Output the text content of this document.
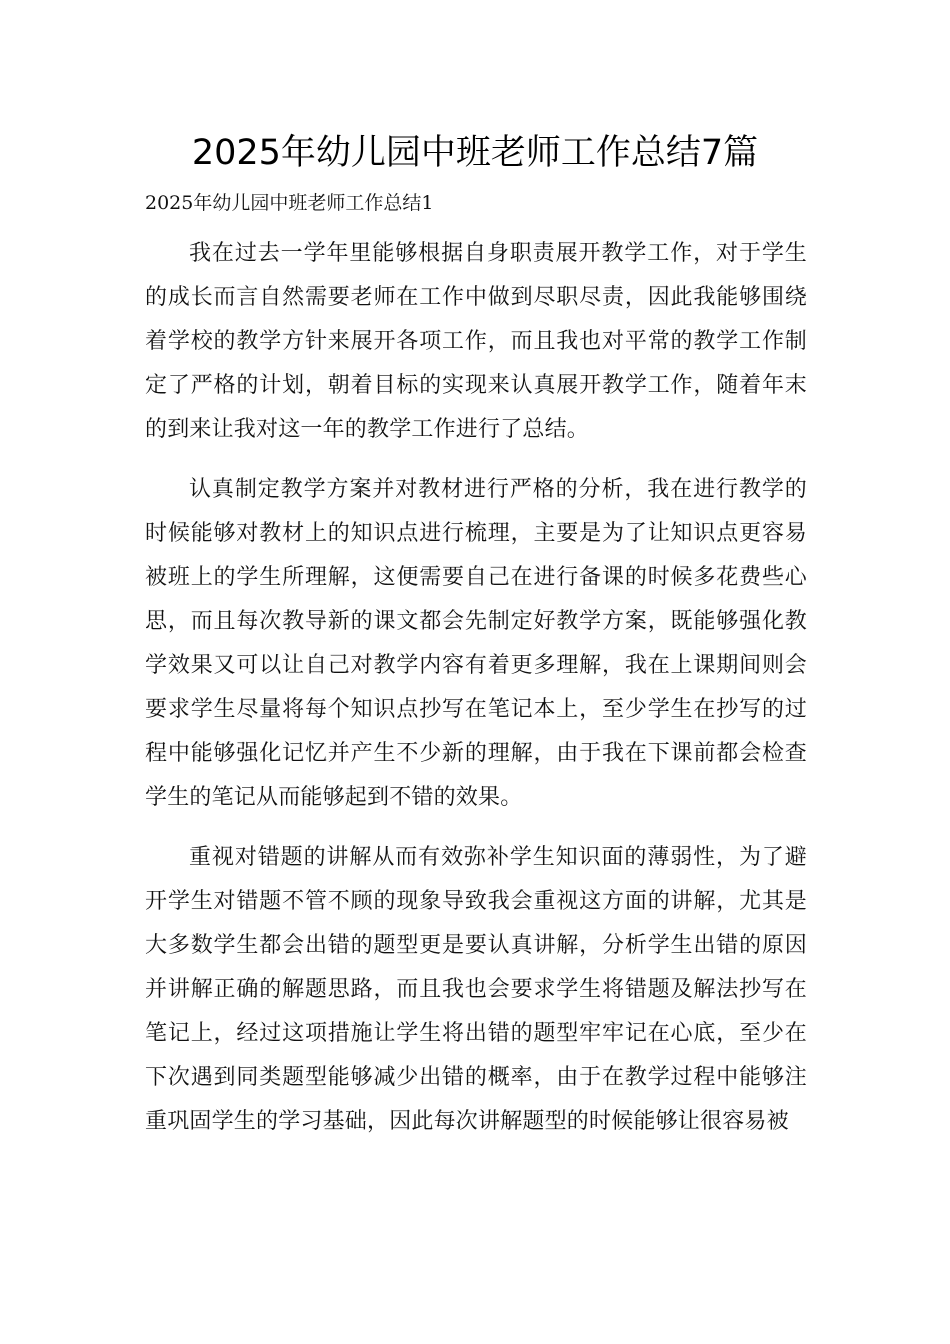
2025年幼儿园中班老师工作总结7篇

2025年幼儿园中班老师工作总结1

我在过去一学年里能够根据自身职责展开教学工作，对于学生的成长而言自然需要老师在工作中做到尽职尽责，因此我能够围绕着学校的教学方针来展开各项工作，而且我也对平常的教学工作制定了严格的计划，朝着目标的实现来认真展开教学工作，随着年末的到来让我对这一年的教学工作进行了总结。

认真制定教学方案并对教材进行严格的分析，我在进行教学的时候能够对教材上的知识点进行梳理，主要是为了让知识点更容易被班上的学生所理解，这便需要自己在进行备课的时候多花费些心思，而且每次教导新的课文都会先制定好教学方案，既能够强化教学效果又可以让自己对教学内容有着更多理解，我在上课期间则会要求学生尽量将每个知识点抄写在笔记本上，至少学生在抄写的过程中能够强化记忆并产生不少新的理解，由于我在下课前都会检查学生的笔记从而能够起到不错的效果。

重视对错题的讲解从而有效弥补学生知识面的薄弱性，为了避开学生对错题不管不顾的现象导致我会重视这方面的讲解，尤其是大多数学生都会出错的题型更是要认真讲解，分析学生出错的原因并讲解正确的解题思路，而且我也会要求学生将错题及解法抄写在笔记上，经过这项措施让学生将出错的题型牢牢记在心底，至少在下次遇到同类题型能够减少出错的概率，由于在教学过程中能够注重巩固学生的学习基础，因此每次讲解题型的时候能够让很容易被
